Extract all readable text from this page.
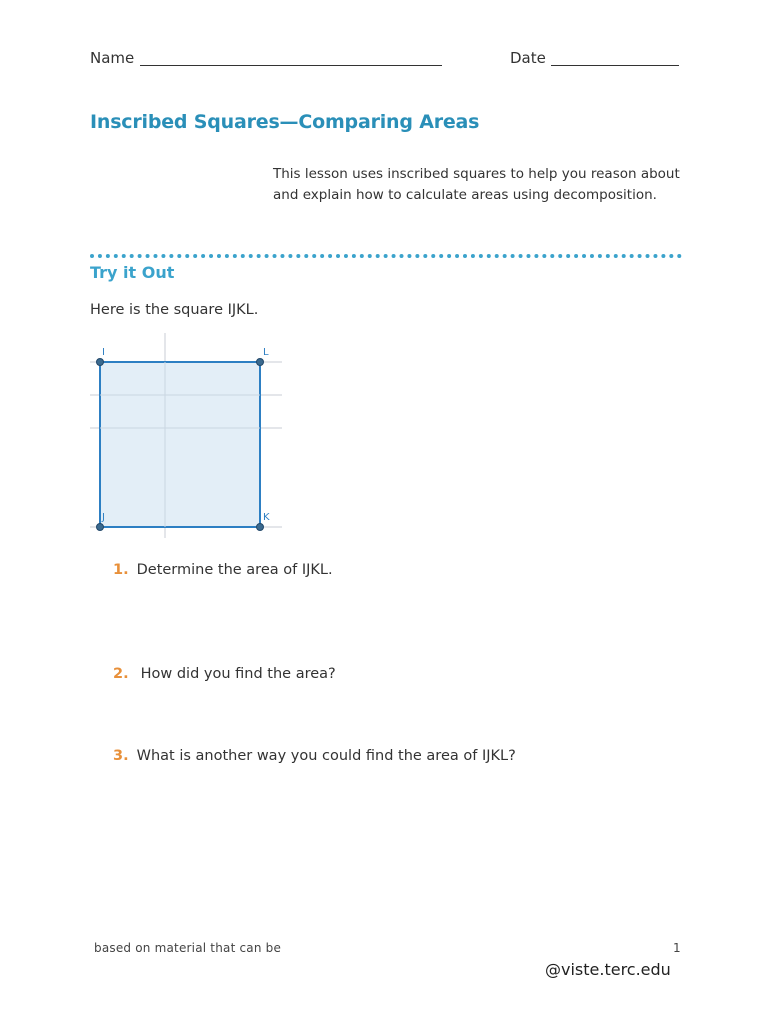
Name	Date
Inscribed Squares—Comparing Areas
This lesson uses inscribed squares to help you reason about
and explain how to calculate areas using decomposition.
Try it Out
Here is the square IJKL.
I	L
J	K
1. Determine the area of IJKL.
2. How did you find the area?
3. What is another way you could find the area of IJKL?
based on material that can be	1
@viste.terc.edu
